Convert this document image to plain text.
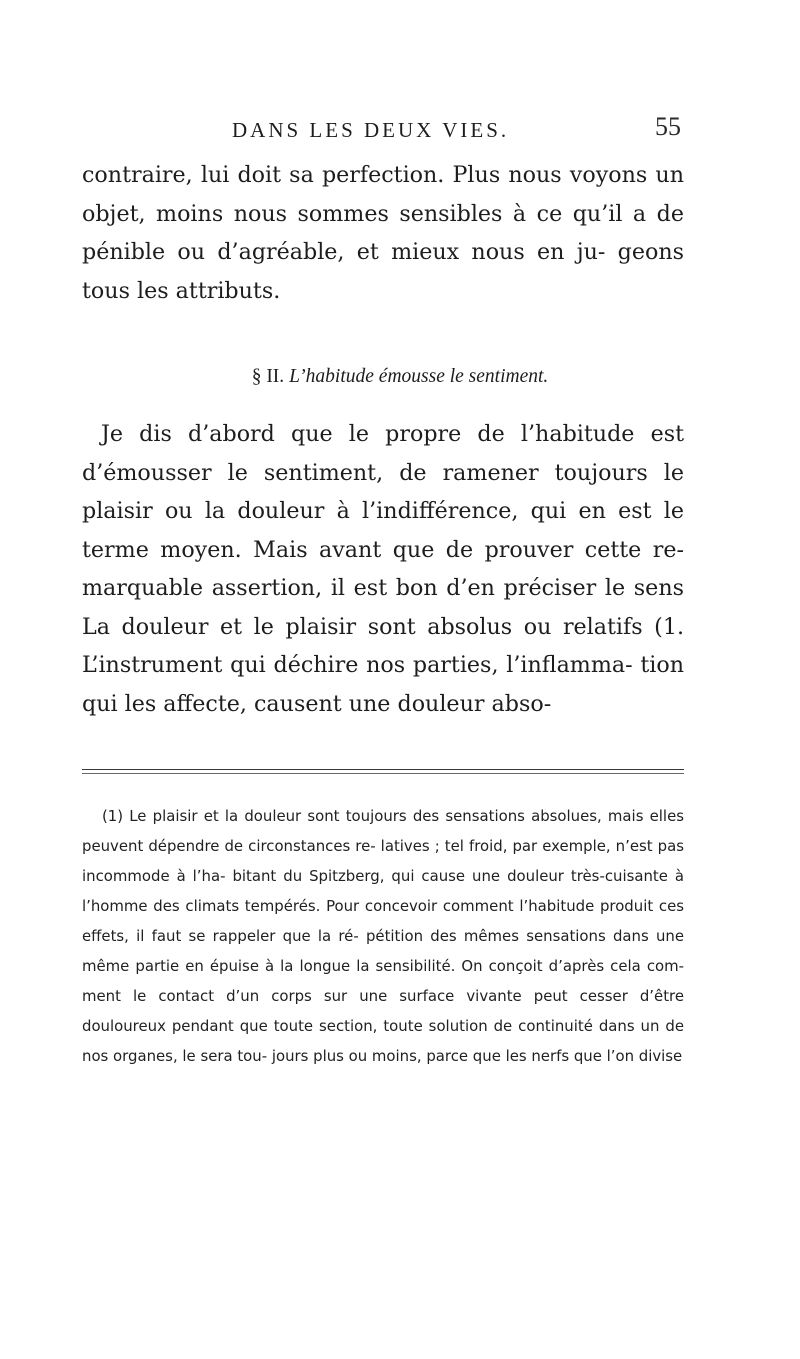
DANS LES DEUX VIES.	55

contraire, lui doit sa perfection. Plus nous voyons un objet, moins nous sommes sensibles à ce qu’il a de pénible ou d’agréable, et mieux nous en ju- geons tous les attributs.

§ II. L’habitude émousse le sentiment.

Je dis d’abord que le propre de l’habitude est d’émousser le sentiment, de ramener toujours le plaisir ou la douleur à l’indifférence, qui en est le terme moyen. Mais avant que de prouver cette re- marquable assertion, il est bon d’en préciser le sens La douleur et le plaisir sont absolus ou relatifs (1. L’instrument qui déchire nos parties, l’inflamma- tion qui les affecte, causent une douleur abso-

(1) Le plaisir et la douleur sont toujours des sensations absolues, mais elles peuvent dépendre de circonstances re- latives ; tel froid, par exemple, n’est pas incommode à l’ha- bitant du Spitzberg, qui cause une douleur très-cuisante à l’homme des climats tempérés. Pour concevoir comment l’habitude produit ces effets, il faut se rappeler que la ré- pétition des mêmes sensations dans une même partie en épuise à la longue la sensibilité. On conçoit d’après cela com- ment le contact d’un corps sur une surface vivante peut cesser d’être douloureux pendant que toute section, toute solution de continuité dans un de nos organes, le sera tou- jours plus ou moins, parce que les nerfs que l’on divise
